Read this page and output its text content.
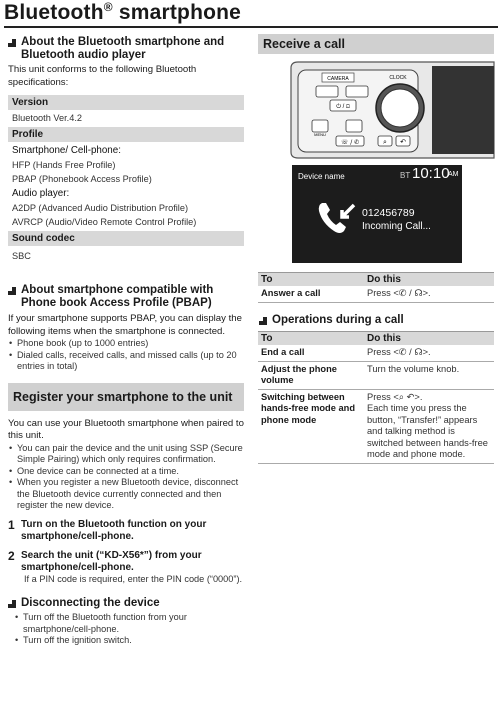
Bluetooth® smartphone
About the Bluetooth smartphone and Bluetooth audio player

This unit conforms to the following Bluetooth specifications:

Version
Bluetooth Ver.4.2
Profile
Smartphone/ Cell-phone:
HFP (Hands Free Profile)
PBAP (Phonebook Access Profile)
Audio player:
A2DP (Advanced Audio Distribution Profile)
AVRCP (Audio/Video Remote Control Profile)
Sound codec
SBC
About smartphone compatible with Phone book Access Profile (PBAP)

If your smartphone supports PBAP, you can display the following items when the smartphone is connected.

• Phone book (up to 1000 entries)

• Dialed calls, received calls, and missed calls (up to 20 entries in total)

Register your smartphone to the unit

You can use your Bluetooth smartphone when paired to this unit.

• You can pair the device and the unit using SSP (Secure Simple Pairing) which only requires confirmation.

• One device can be connected at a time.

• When you register a new Bluetooth device, disconnect the Bluetooth device currently connected and then register the new device.

1 Turn on the Bluetooth function on your smartphone/cell-phone.
2 Search the unit (“KD-X56*”) from your smartphone/cell-phone.

If a PIN code is required, enter the PIN code (“0000”).

Disconnecting the device

• Turn off the Bluetooth function from your smartphone/cell-phone.

• Turn off the ignition switch.

Receive a call
CAMERA	CLOCK
⏻ / ⊡
MENU
☏ / ✆	⌕ ↶
Device name	BT 10:10
AM
012456789
Incoming Call...
To	Do this
Answer a call	Press <✆ / ☊>.
Operations during a call
To	Do this
End a call	Press <✆ / ☊>.
Adjust the phone volume	Turn the volume knob.
Switching between hands-free mode and phone mode	Press <⌕ ↶>.
Each time you press the button, “Transfer!” appears and talking method is switched between hands-free mode and phone mode.
